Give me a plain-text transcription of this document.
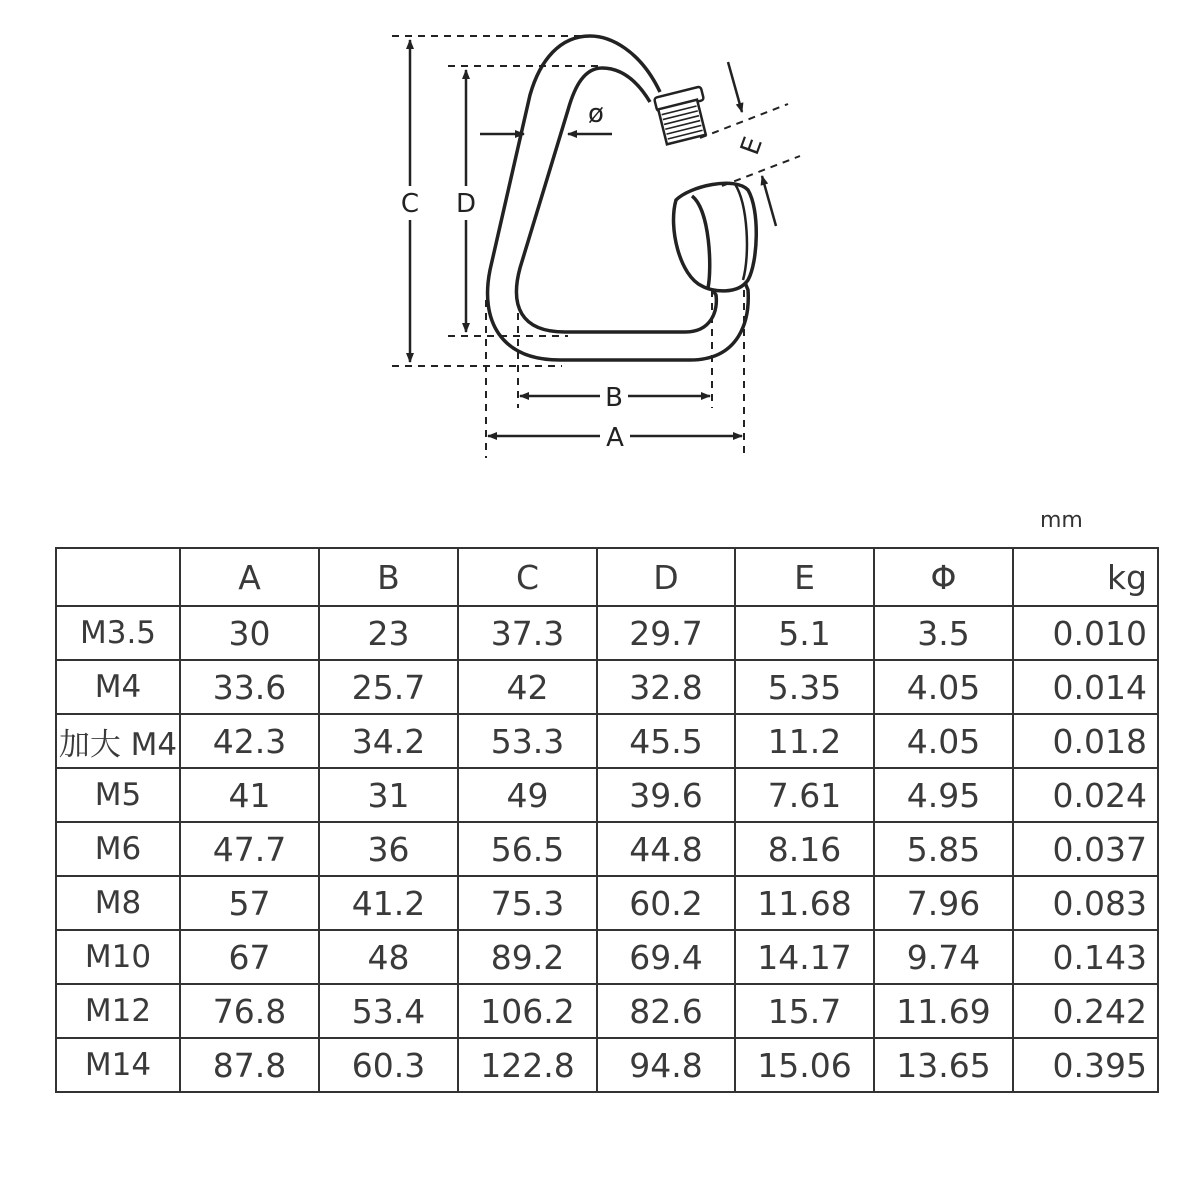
C D
B
A
ø
E
mm
	A	B	C	D	E	Φ	kg
M3.5	30	23	37.3	29.7	5.1	3.5	0.010
M4	33.6	25.7	42	32.8	5.35	4.05	0.014
加大 M4	42.3	34.2	53.3	45.5	11.2	4.05	0.018
M5	41	31	49	39.6	7.61	4.95	0.024
M6	47.7	36	56.5	44.8	8.16	5.85	0.037
M8	57	41.2	75.3	60.2	11.68	7.96	0.083
M10	67	48	89.2	69.4	14.17	9.74	0.143
M12	76.8	53.4	106.2	82.6	15.7	11.69	0.242
M14	87.8	60.3	122.8	94.8	15.06	13.65	0.395
